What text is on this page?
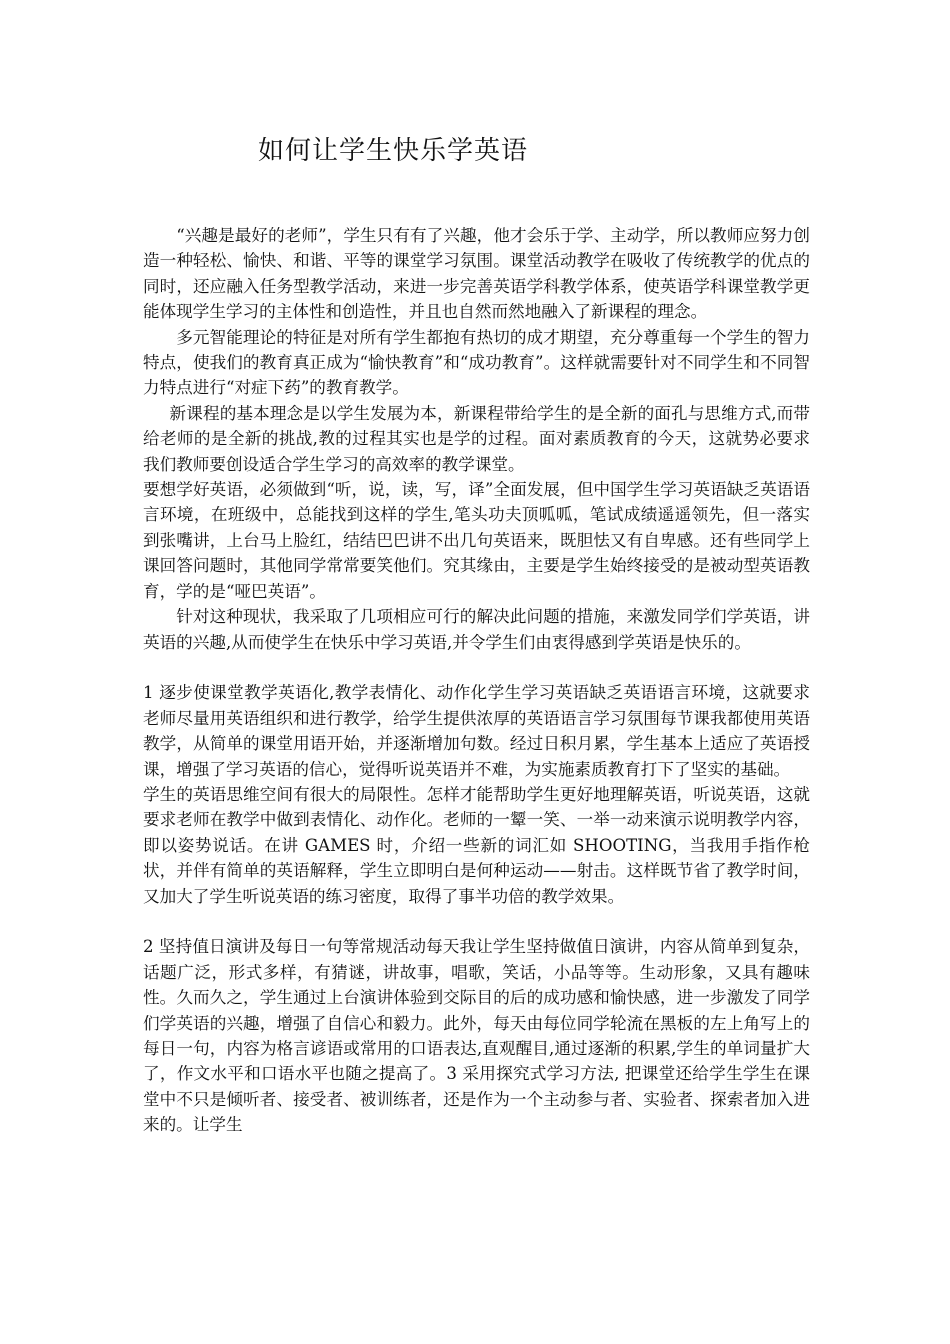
如何让学生快乐学英语

“兴趣是最好的老师”，学生只有有了兴趣，他才会乐于学、主动学，所以教师应努力创造一种轻松、愉快、和谐、平等的课堂学习氛围。课堂活动教学在吸收了传统教学的优点的同时，还应融入任务型教学活动，来进一步完善英语学科教学体系，使英语学科课堂教学更能体现学生学习的主体性和创造性，并且也自然而然地融入了新课程的理念。

多元智能理论的特征是对所有学生都抱有热切的成才期望，充分尊重每一个学生的智力特点，使我们的教育真正成为“愉快教育”和“成功教育”。这样就需要针对不同学生和不同智力特点进行“对症下药”的教育教学。

新课程的基本理念是以学生发展为本，新课程带给学生的是全新的面孔与思维方式,而带给老师的是全新的挑战,教的过程其实也是学的过程。面对素质教育的今天，这就势必要求我们教师要创设适合学生学习的高效率的教学课堂。

要想学好英语，必须做到“听，说，读，写，译”全面发展，但中国学生学习英语缺乏英语语言环境，在班级中，总能找到这样的学生,笔头功夫顶呱呱，笔试成绩遥遥领先，但一落实到张嘴讲，上台马上脸红，结结巴巴讲不出几句英语来，既胆怯又有自卑感。还有些同学上课回答问题时，其他同学常常要笑他们。究其缘由，主要是学生始终接受的是被动型英语教育，学的是“哑巴英语”。

针对这种现状，我采取了几项相应可行的解决此问题的措施，来激发同学们学英语，讲英语的兴趣,从而使学生在快乐中学习英语,并令学生们由衷得感到学英语是快乐的。

1 逐步使课堂教学英语化,教学表情化、动作化学生学习英语缺乏英语语言环境，这就要求老师尽量用英语组织和进行教学，给学生提供浓厚的英语语言学习氛围每节课我都使用英语教学，从简单的课堂用语开始，并逐渐增加句数。经过日积月累，学生基本上适应了英语授课，增强了学习英语的信心，觉得听说英语并不难，为实施素质教育打下了坚实的基础。

学生的英语思维空间有很大的局限性。怎样才能帮助学生更好地理解英语，听说英语，这就要求老师在教学中做到表情化、动作化。老师的一颦一笑、一举一动来演示说明教学内容，即以姿势说话。在讲 GAMES 时，介绍一些新的词汇如 SHOOTING，当我用手指作枪状，并伴有简单的英语解释，学生立即明白是何种运动——射击。这样既节省了教学时间，又加大了学生听说英语的练习密度，取得了事半功倍的教学效果。

2 坚持值日演讲及每日一句等常规活动每天我让学生坚持做值日演讲，内容从简单到复杂，话题广泛，形式多样，有猜谜，讲故事，唱歌，笑话，小品等等。生动形象，又具有趣味性。久而久之，学生通过上台演讲体验到交际目的后的成功感和愉快感，进一步激发了同学们学英语的兴趣，增强了自信心和毅力。此外，每天由每位同学轮流在黑板的左上角写上的每日一句，内容为格言谚语或常用的口语表达,直观醒目,通过逐渐的积累,学生的单词量扩大了，作文水平和口语水平也随之提高了。3 采用探究式学习方法, 把课堂还给学生学生在课堂中不只是倾听者、接受者、被训练者，还是作为一个主动参与者、实验者、探索者加入进来的。让学生
